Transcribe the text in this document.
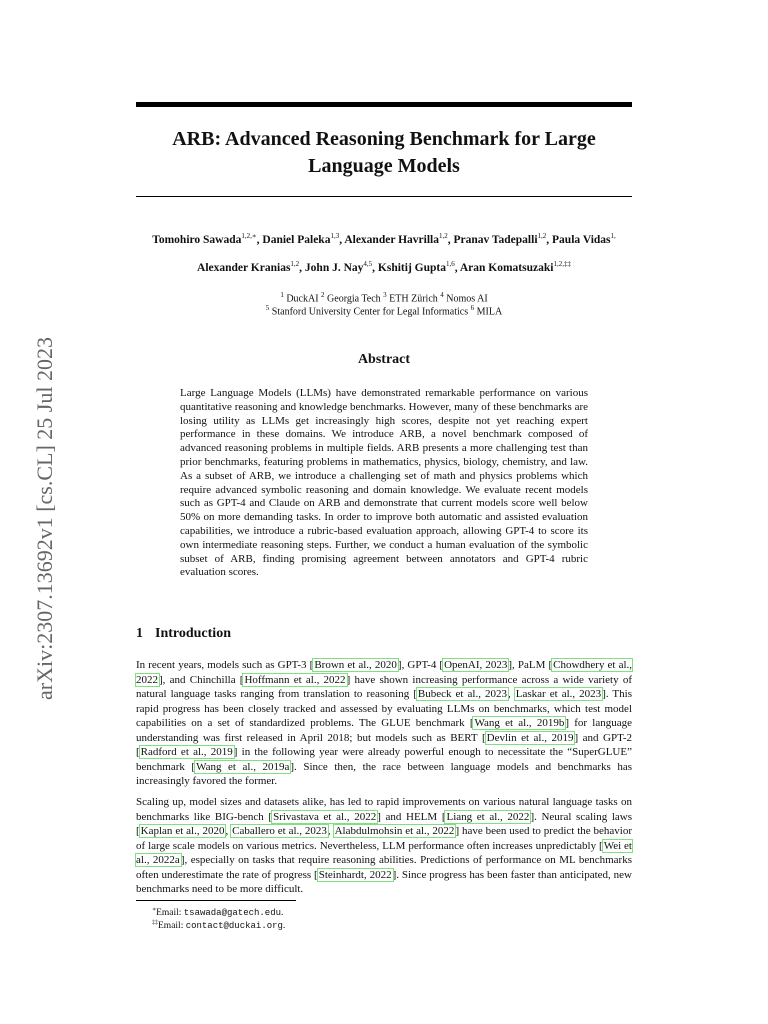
arXiv:2307.13692v1 [cs.CL] 25 Jul 2023
ARB: Advanced Reasoning Benchmark for Large Language Models
Tomohiro Sawada$^{1,2,∗}$, Daniel Paleka$^{1,3}$, Alexander Havrilla$^{1,2}$, Pranav Tadepalli$^{1,2}$, Paula Vidas$^{1,}$
Alexander Kranias$^{1,2}$, John J. Nay$^{4,5}$, Kshitij Gupta$^{1,6}$, Aran Komatsuzaki$^{1,2,\ddagger\ddagger}$
$^1$ DuckAI $^2$ Georgia Tech $^3$ ETH Zürich $^4$ Nomos AI
$^5$ Stanford University Center for Legal Informatics $^6$ MILA
Abstract

Large Language Models (LLMs) have demonstrated remarkable performance on various quantitative reasoning and knowledge benchmarks. However, many of these benchmarks are losing utility as LLMs get increasingly high scores, despite not yet reaching expert performance in these domains. We introduce ARB, a novel benchmark composed of advanced reasoning problems in multiple fields. ARB presents a more challenging test than prior benchmarks, featuring problems in mathematics, physics, biology, chemistry, and law. As a subset of ARB, we introduce a challenging set of math and physics problems which require advanced symbolic reasoning and domain knowledge. We evaluate recent models such as GPT-4 and Claude on ARB and demonstrate that current models score well below 50% on more demanding tasks. In order to improve both automatic and assisted evaluation capabilities, we introduce a rubric-based evaluation approach, allowing GPT-4 to score its own intermediate reasoning steps. Further, we conduct a human evaluation of the symbolic subset of ARB, finding promising agreement between annotators and GPT-4 rubric evaluation scores.

1 Introduction

In recent years, models such as GPT-3 [Brown et al., 2020], GPT-4 [OpenAI, 2023], PaLM [Chowdhery et al., 2022], and Chinchilla [Hoffmann et al., 2022] have shown increasing performance across a wide variety of natural language tasks ranging from translation to reasoning [Bubeck et al., 2023, Laskar et al., 2023]. This rapid progress has been closely tracked and assessed by evaluating LLMs on benchmarks, which test model capabilities on a set of standardized problems. The GLUE benchmark [Wang et al., 2019b] for language understanding was first released in April 2018; but models such as BERT [Devlin et al., 2019] and GPT-2 [Radford et al., 2019] in the following year were already powerful enough to necessitate the “SuperGLUE” benchmark [Wang et al., 2019a]. Since then, the race between language models and benchmarks has increasingly favored the former.

Scaling up, model sizes and datasets alike, has led to rapid improvements on various natural language tasks on benchmarks like BIG-bench [Srivastava et al., 2022] and HELM [Liang et al., 2022]. Neural scaling laws [Kaplan et al., 2020, Caballero et al., 2023, Alabdulmohsin et al., 2022] have been used to predict the behavior of large scale models on various metrics. Nevertheless, LLM performance often increases unpredictably [Wei et al., 2022a], especially on tasks that require reasoning abilities. Predictions of performance on ML benchmarks often underestimate the rate of progress [Steinhardt, 2022]. Since progress has been faster than anticipated, new benchmarks need to be more difficult.

∗Email: tsawada@gatech.edu.
‡‡Email: contact@duckai.org.
